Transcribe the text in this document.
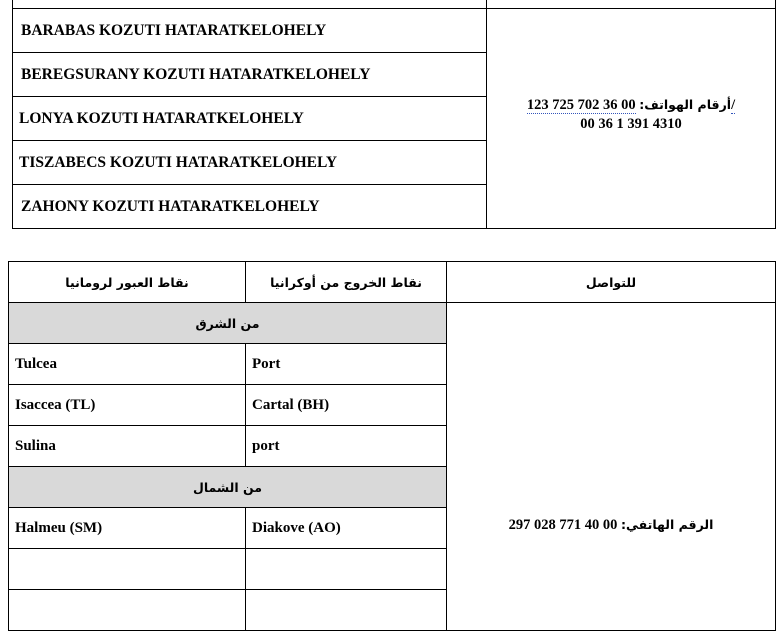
BARABAS KOZUTI HATARATKELOHELY	أرقام الهواتف: 00 36 702 725 123/
00 36 1 391 4310

BEREGSURANY KOZUTI HATARATKELOHELY	
LONYA KOZUTI HATARATKELOHELY	
TISZABECS KOZUTI HATARATKELOHELY	
ZAHONY KOZUTI HATARATKELOHELY	
نقاط العبور لرومانيا	نقاط الخروج من أوكرانيا	للتواصل
من الشرق		الرقم الهاتفي: 00 40 771 028 297
Tulcea	Port	
Isaccea (TL)	Cartal (BH)	
Sulina	port	
من الشمال		
Halmeu (SM)	Diakove (AO)	
